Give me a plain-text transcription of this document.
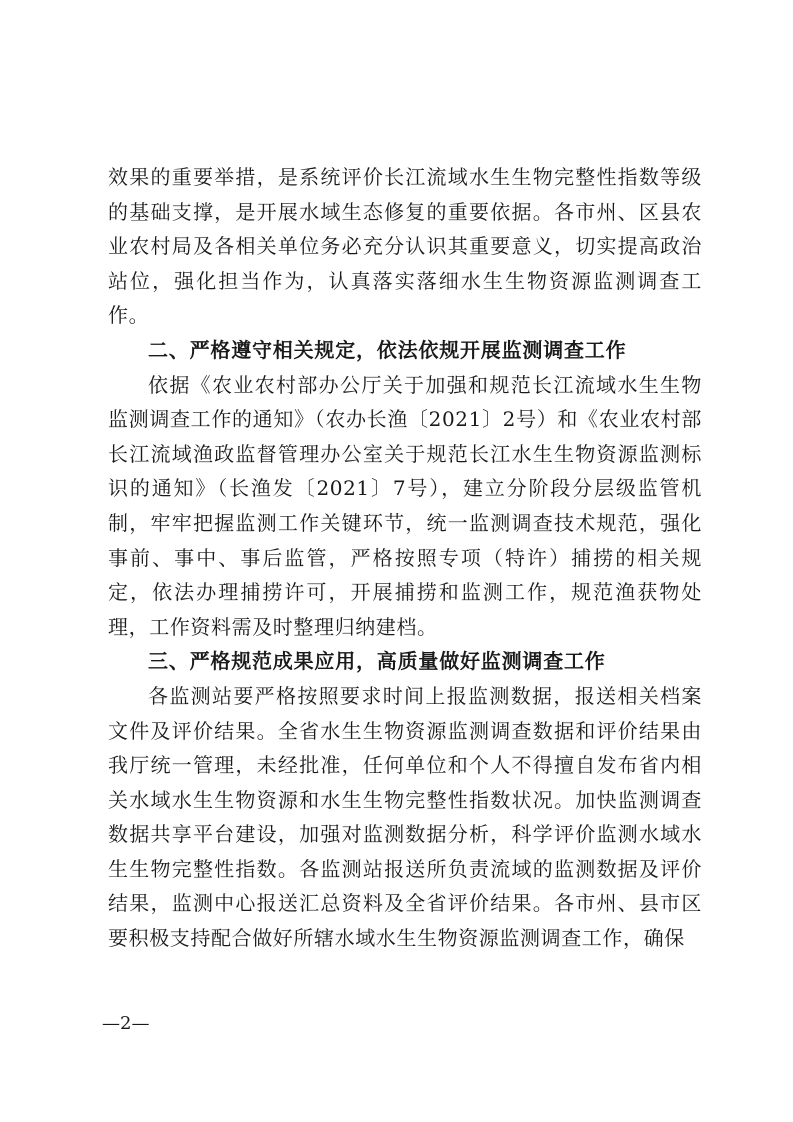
效果的重要举措，是系统评价长江流域水生生物完整性指数等级的基础支撑，是开展水域生态修复的重要依据。各市州、区县农业农村局及各相关单位务必充分认识其重要意义，切实提高政治站位，强化担当作为，认真落实落细水生生物资源监测调查工作。

二、严格遵守相关规定，依法依规开展监测调查工作

依据《农业农村部办公厅关于加强和规范长江流域水生生物监测调查工作的通知》（农办长渔〔2021〕2号）和《农业农村部长江流域渔政监督管理办公室关于规范长江水生生物资源监测标识的通知》（长渔发〔2021〕7号），建立分阶段分层级监管机制，牢牢把握监测工作关键环节，统一监测调查技术规范，强化事前、事中、事后监管，严格按照专项（特许）捕捞的相关规定，依法办理捕捞许可，开展捕捞和监测工作，规范渔获物处理，工作资料需及时整理归纳建档。

三、严格规范成果应用，高质量做好监测调查工作

各监测站要严格按照要求时间上报监测数据，报送相关档案文件及评价结果。全省水生生物资源监测调查数据和评价结果由我厅统一管理，未经批准，任何单位和个人不得擅自发布省内相关水域水生生物资源和水生生物完整性指数状况。加快监测调查数据共享平台建设，加强对监测数据分析，科学评价监测水域水生生物完整性指数。各监测站报送所负责流域的监测数据及评价结果，监测中心报送汇总资料及全省评价结果。各市州、县市区要积极支持配合做好所辖水域水生生物资源监测调查工作，确保

—2—
